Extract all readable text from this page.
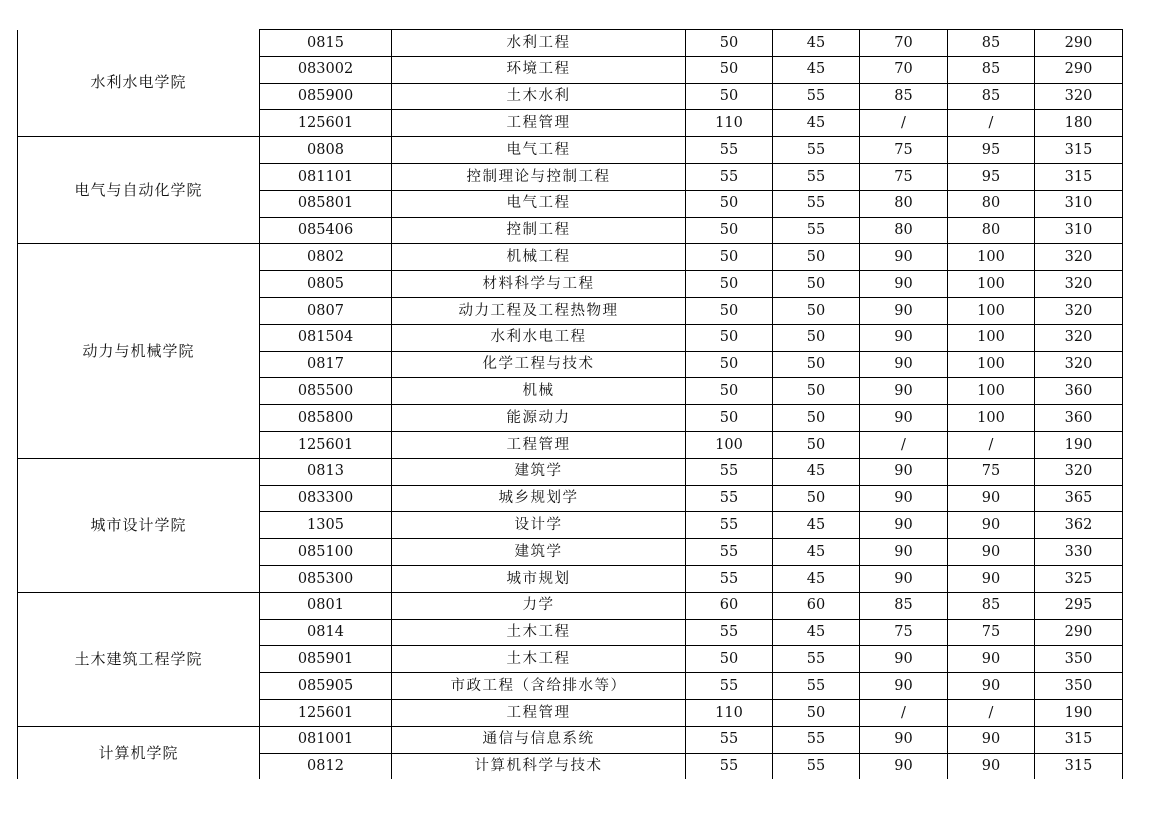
水利水电学院	0815	水利工程	50	45	70	85	290
	083002	环境工程	50	45	70	85	290
	085900	土木水利	50	55	85	85	320
	125601	工程管理	110	45	/	/	180
电气与自动化学院	0808	电气工程	55	55	75	95	315
	081101	控制理论与控制工程	55	55	75	95	315
	085801	电气工程	50	55	80	80	310
	085406	控制工程	50	55	80	80	310
动力与机械学院	0802	机械工程	50	50	90	100	320
	0805	材料科学与工程	50	50	90	100	320
	0807	动力工程及工程热物理	50	50	90	100	320
	081504	水利水电工程	50	50	90	100	320
	0817	化学工程与技术	50	50	90	100	320
	085500	机械	50	50	90	100	360
	085800	能源动力	50	50	90	100	360
	125601	工程管理	100	50	/	/	190
城市设计学院	0813	建筑学	55	45	90	75	320
	083300	城乡规划学	55	50	90	90	365
	1305	设计学	55	45	90	90	362
	085100	建筑学	55	45	90	90	330
	085300	城市规划	55	45	90	90	325
土木建筑工程学院	0801	力学	60	60	85	85	295
	0814	土木工程	55	45	75	75	290
	085901	土木工程	50	55	90	90	350
	085905	市政工程（含给排水等）	55	55	90	90	350
	125601	工程管理	110	50	/	/	190
计算机学院	081001	通信与信息系统	55	55	90	90	315
	0812	计算机科学与技术	55	55	90	90	315
